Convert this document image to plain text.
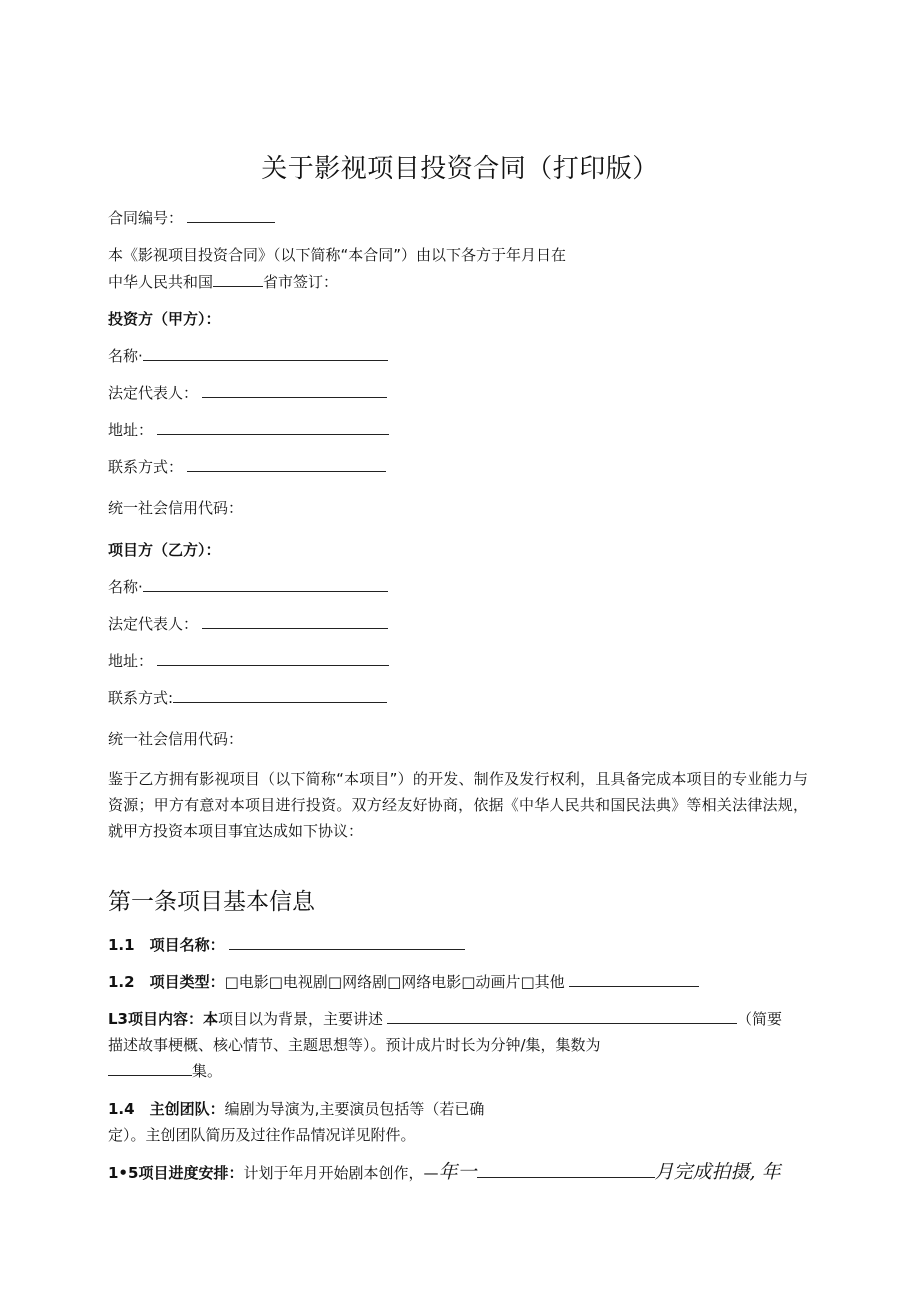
关于影视项目投资合同（打印版）
合同编号：
本《影视项目投资合同》（以下简称“本合同”）由以下各方于年月日在
中华人民共和国	省市签订：
投资方（甲方）：
名称·
法定代表人：
地址：
联系方式：
统一社会信用代码：
项目方（乙方）：
名称·
法定代表人：
地址：
联系方式:
统一社会信用代码：
鉴于乙方拥有影视项目（以下简称“本项目”）的开发、制作及发行权利，且具备完成本项目的专业能力与资源；甲方有意对本项目进行投资。双方经友好协商，依据《中华人民共和国民法典》等相关法律法规，就甲方投资本项目事宜达成如下协议：
第一条项目基本信息
1.1　项目名称：
1.2　项目类型：□电影□电视剧□网络剧□网络电影□动画片□其他
L3项目内容：本项目以为背景，主要讲述	（简要
描述故事梗概、核心情节、主题思想等）。预计成片时长为分钟/集，集数为
集。
1.4　主创团队：编剧为导演为,主要演员包括等（若已确
定）。主创团队简历及过往作品情况详见附件。
1•5项目进度安排：计划于年月开始剧本创作，—年一	月完成拍摄, 年
